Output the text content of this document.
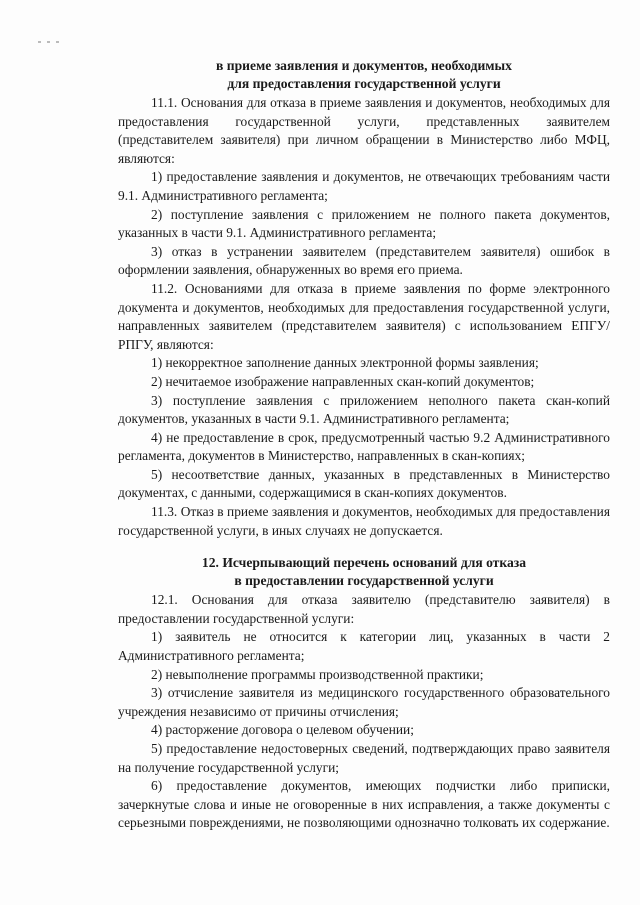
в приеме заявления и документов, необходимых
для предоставления государственной услуги

11.1. Основания для отказа в приеме заявления и документов, необходимых для предоставления государственной услуги, представленных заявителем (представителем заявителя) при личном обращении в Министерство либо МФЦ, являются:

1) предоставление заявления и документов, не отвечающих требованиям части 9.1. Административного регламента;

2) поступление заявления с приложением не полного пакета документов, указанных в части 9.1. Административного регламента;

3) отказ в устранении заявителем (представителем заявителя) ошибок в оформлении заявления, обнаруженных во время его приема.

11.2. Основаниями для отказа в приеме заявления по форме электронного документа и документов, необходимых для предоставления государственной услуги, направленных заявителем (представителем заявителя) с использованием ЕПГУ/ РПГУ, являются:

1) некорректное заполнение данных электронной формы заявления;

2) нечитаемое изображение направленных скан-копий документов;

3) поступление заявления с приложением неполного пакета скан-копий документов, указанных в части 9.1. Административного регламента;

4) не предоставление в срок, предусмотренный частью 9.2 Административного регламента, документов в Министерство, направленных в скан-копиях;

5) несоответствие данных, указанных в представленных в Министерство документах, с данными, содержащимися в скан-копиях документов.

11.3. Отказ в приеме заявления и документов, необходимых для предоставления государственной услуги, в иных случаях не допускается.

12. Исчерпывающий перечень оснований для отказа
в предоставлении государственной услуги

12.1. Основания для отказа заявителю (представителю заявителя) в предоставлении государственной услуги:

1) заявитель не относится к категории лиц, указанных в части 2 Административного регламента;

2) невыполнение программы производственной практики;

3) отчисление заявителя из медицинского государственного образовательного учреждения независимо от причины отчисления;

4) расторжение договора о целевом обучении;

5) предоставление недостоверных сведений, подтверждающих право заявителя на получение государственной услуги;

6) предоставление документов, имеющих подчистки либо приписки, зачеркнутые слова и иные не оговоренные в них исправления, а также документы с серьезными повреждениями, не позволяющими однозначно толковать их содержание.
